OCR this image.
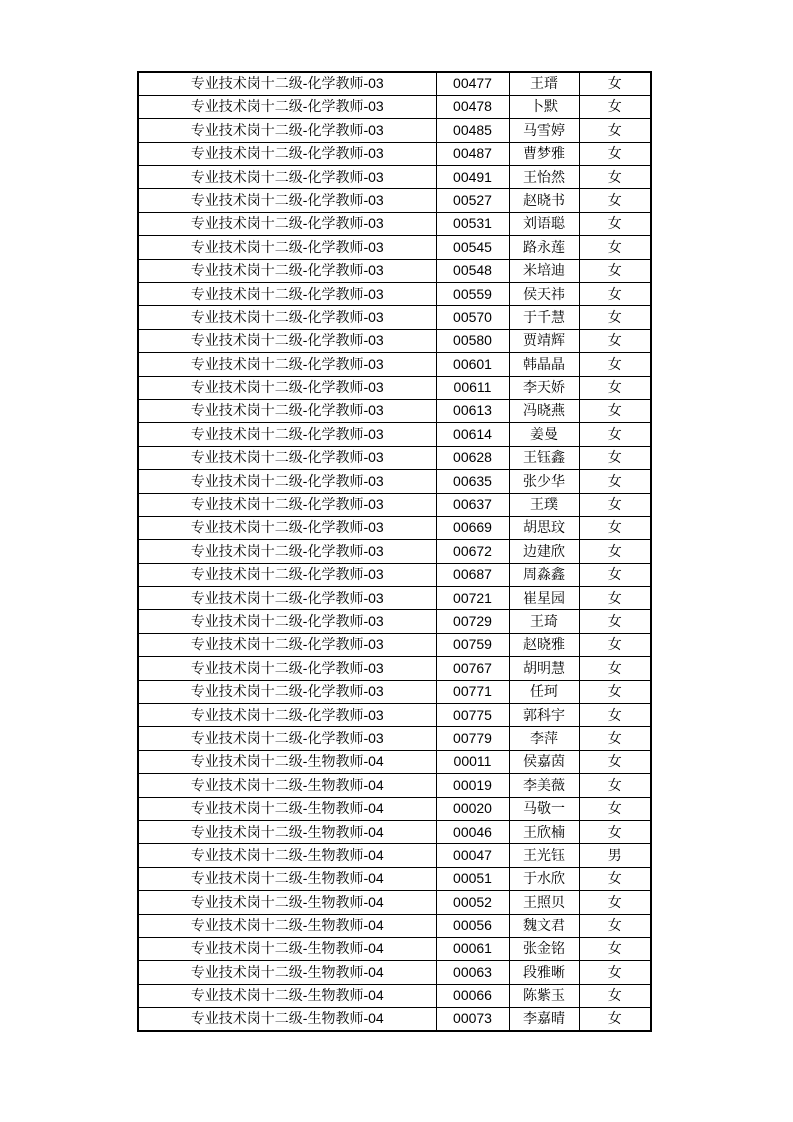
专业技术岗十二级-化学教师-03	00477	王瑨	女
专业技术岗十二级-化学教师-03	00478	卜默	女
专业技术岗十二级-化学教师-03	00485	马雪婷	女
专业技术岗十二级-化学教师-03	00487	曹梦雅	女
专业技术岗十二级-化学教师-03	00491	王怡然	女
专业技术岗十二级-化学教师-03	00527	赵晓书	女
专业技术岗十二级-化学教师-03	00531	刘语聪	女
专业技术岗十二级-化学教师-03	00545	路永莲	女
专业技术岗十二级-化学教师-03	00548	米培迪	女
专业技术岗十二级-化学教师-03	00559	侯天祎	女
专业技术岗十二级-化学教师-03	00570	于千慧	女
专业技术岗十二级-化学教师-03	00580	贾靖辉	女
专业技术岗十二级-化学教师-03	00601	韩晶晶	女
专业技术岗十二级-化学教师-03	00611	李天娇	女
专业技术岗十二级-化学教师-03	00613	冯晓燕	女
专业技术岗十二级-化学教师-03	00614	姜曼	女
专业技术岗十二级-化学教师-03	00628	王钰鑫	女
专业技术岗十二级-化学教师-03	00635	张少华	女
专业技术岗十二级-化学教师-03	00637	王璞	女
专业技术岗十二级-化学教师-03	00669	胡思玟	女
专业技术岗十二级-化学教师-03	00672	边建欣	女
专业技术岗十二级-化学教师-03	00687	周淼鑫	女
专业技术岗十二级-化学教师-03	00721	崔星园	女
专业技术岗十二级-化学教师-03	00729	王琦	女
专业技术岗十二级-化学教师-03	00759	赵晓雅	女
专业技术岗十二级-化学教师-03	00767	胡明慧	女
专业技术岗十二级-化学教师-03	00771	任珂	女
专业技术岗十二级-化学教师-03	00775	郭科宇	女
专业技术岗十二级-化学教师-03	00779	李萍	女
专业技术岗十二级-生物教师-04	00011	侯嘉茵	女
专业技术岗十二级-生物教师-04	00019	李美薇	女
专业技术岗十二级-生物教师-04	00020	马敬一	女
专业技术岗十二级-生物教师-04	00046	王欣楠	女
专业技术岗十二级-生物教师-04	00047	王光钰	男
专业技术岗十二级-生物教师-04	00051	于水欣	女
专业技术岗十二级-生物教师-04	00052	王照贝	女
专业技术岗十二级-生物教师-04	00056	魏文君	女
专业技术岗十二级-生物教师-04	00061	张金铭	女
专业技术岗十二级-生物教师-04	00063	段雅晰	女
专业技术岗十二级-生物教师-04	00066	陈紫玉	女
专业技术岗十二级-生物教师-04	00073	李嘉晴	女
